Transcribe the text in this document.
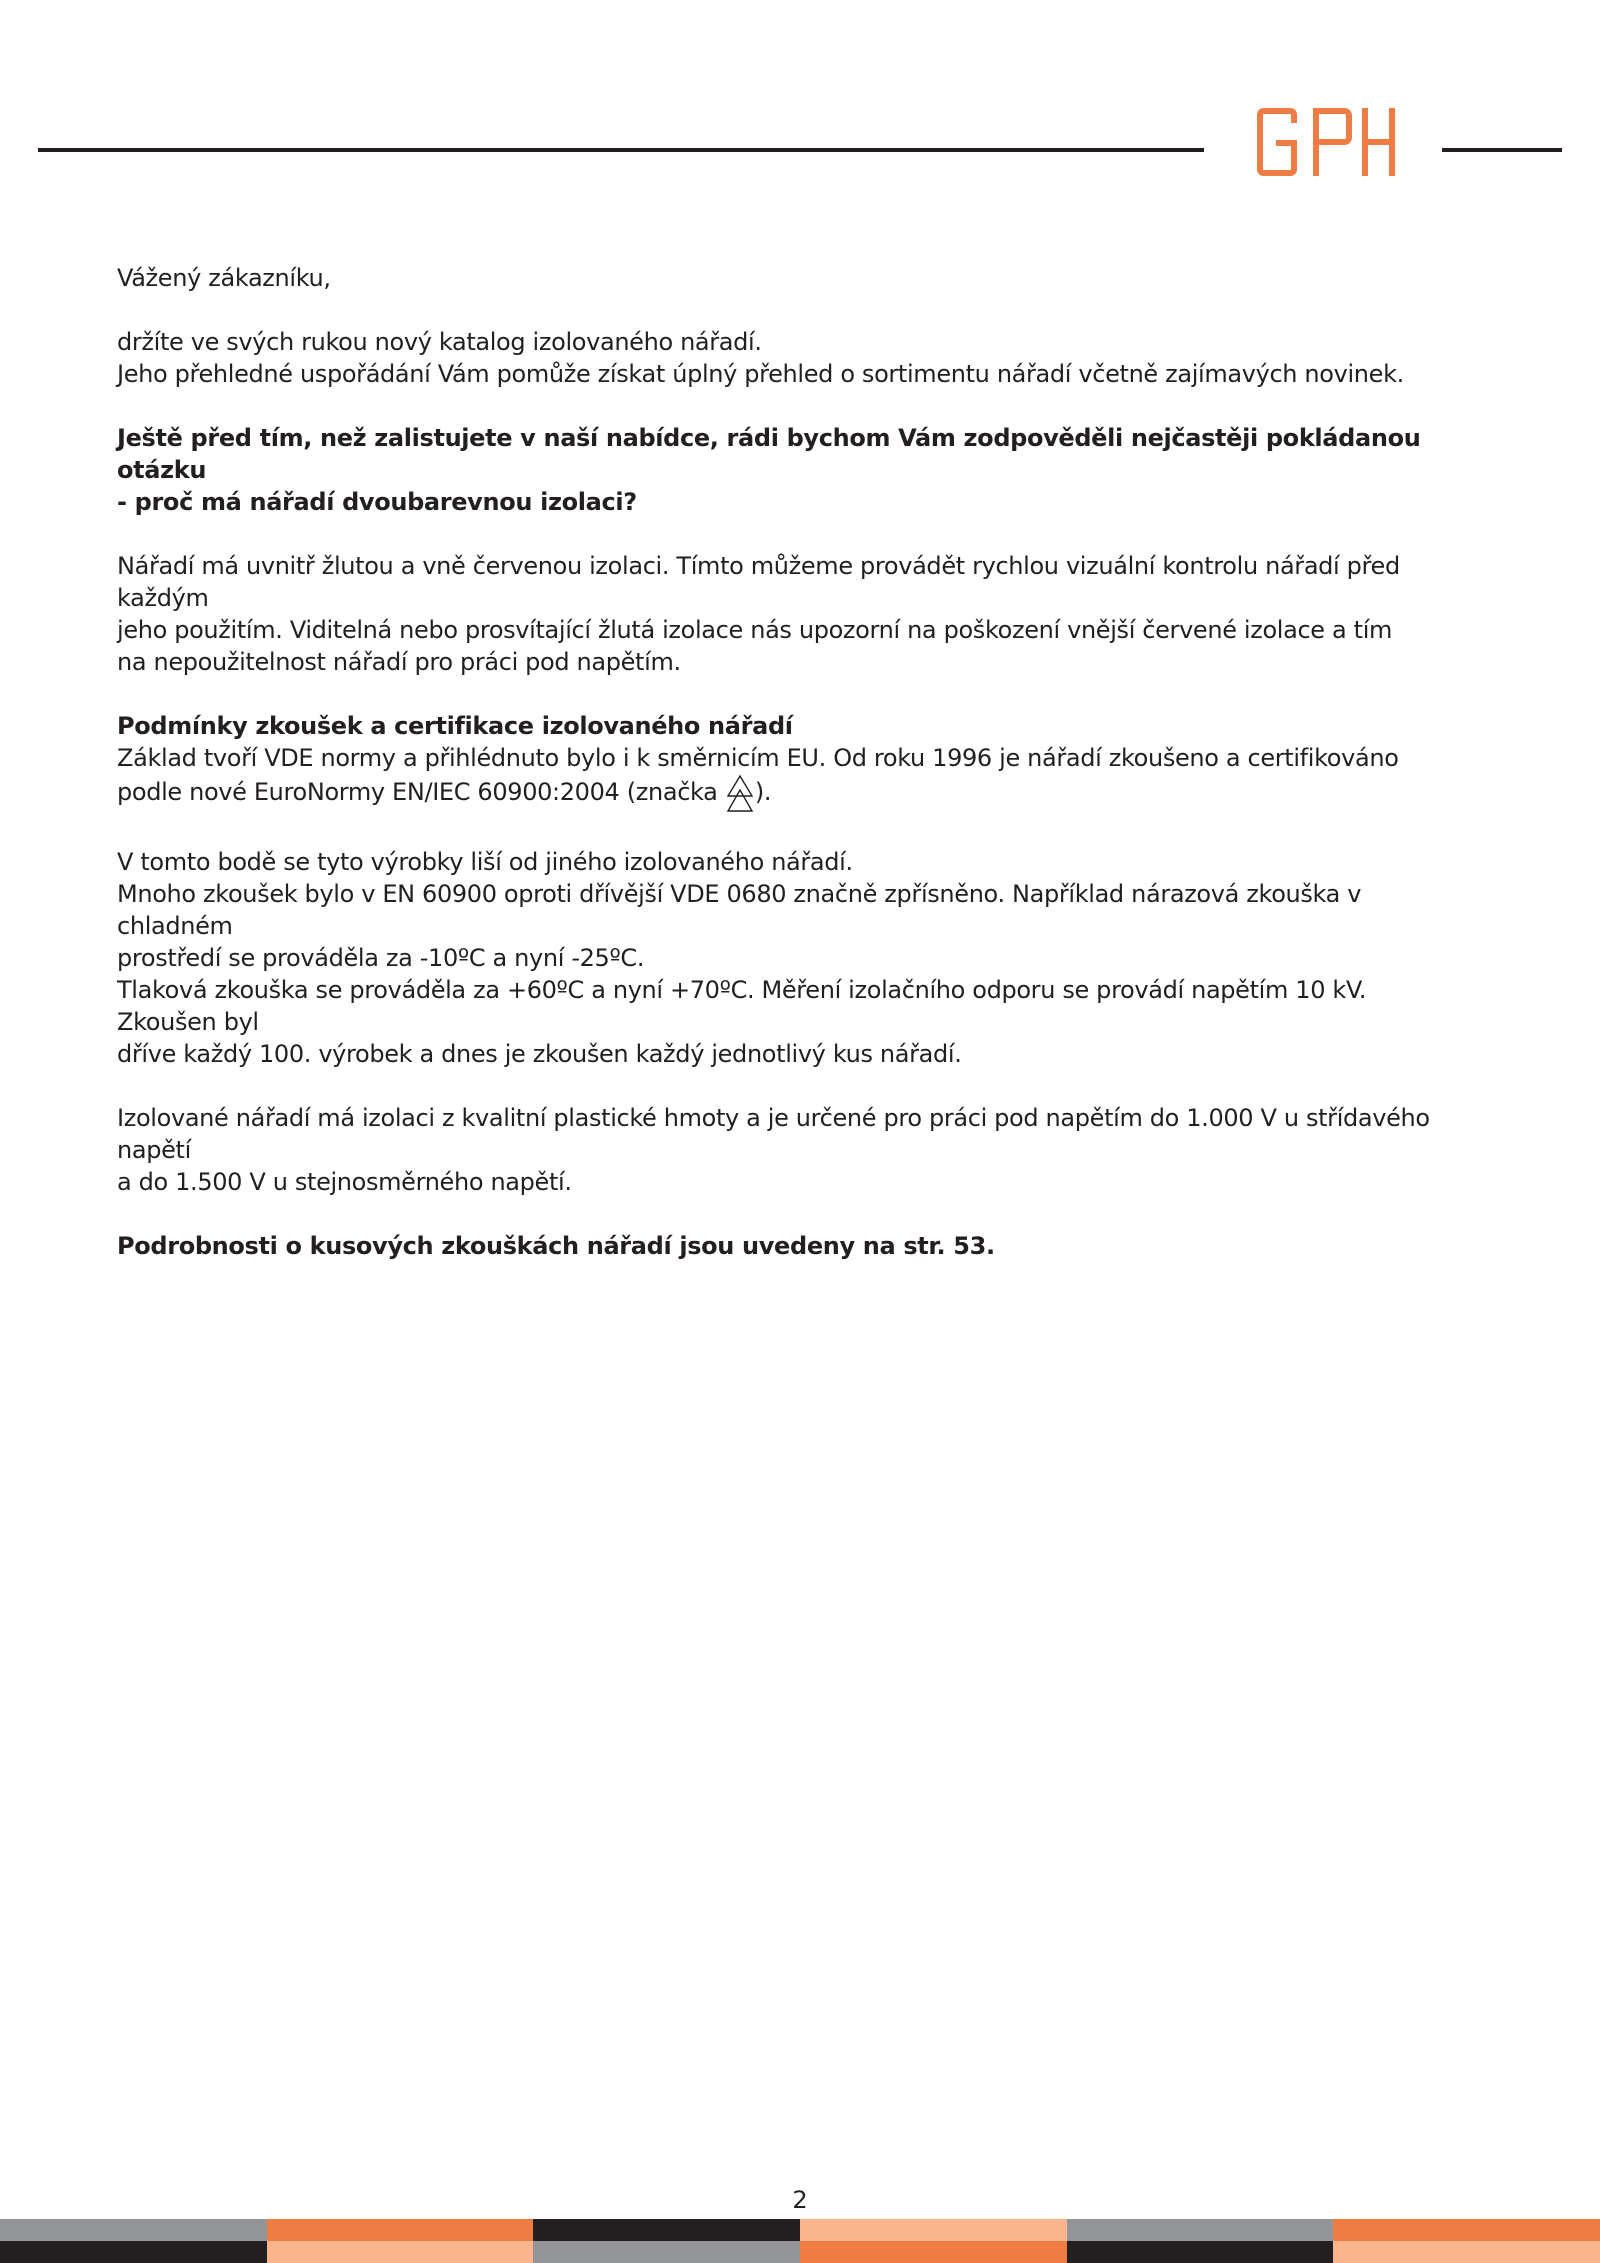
Vážený zákazníku,

držíte ve svých rukou nový katalog izolovaného nářadí.
Jeho přehledné uspořádání Vám pomůže získat úplný přehled o sortimentu nářadí včetně zajímavých novinek.

Ještě před tím, než zalistujete v naší nabídce, rádi bychom Vám zodpověděli nejčastěji pokládanou otázku
- proč má nářadí dvoubarevnou izolaci?

Nářadí má uvnitř žlutou a vně červenou izolaci. Tímto můžeme provádět rychlou vizuální kontrolu nářadí před každým
jeho použitím. Viditelná nebo prosvítající žlutá izolace nás upozorní na poškození vnější červené izolace a tím
na nepoužitelnost nářadí pro práci pod napětím.

Podmínky zkoušek a certifikace izolovaného nářadí
Základ tvoří VDE normy a přihlédnuto bylo i k směrnicím EU. Od roku 1996 je nářadí zkoušeno a certifikováno
podle nové EuroNormy EN/IEC 60900:2004 (značka ).

V tomto bodě se tyto výrobky liší od jiného izolovaného nářadí.
Mnoho zkoušek bylo v EN 60900 oproti dřívější VDE 0680 značně zpřísněno. Například nárazová zkouška v chladném
prostředí se prováděla za -10ºC a nyní -25ºC.
Tlaková zkouška se prováděla za +60ºC a nyní +70ºC. Měření izolačního odporu se provádí napětím 10 kV. Zkoušen byl
dříve každý 100. výrobek a dnes je zkoušen každý jednotlivý kus nářadí.

Izolované nářadí má izolaci z kvalitní plastické hmoty a je určené pro práci pod napětím do 1.000 V u střídavého napětí
a do 1.500 V u stejnosměrného napětí.

Podrobnosti o kusových zkouškách nářadí jsou uvedeny na str. 53.

2
